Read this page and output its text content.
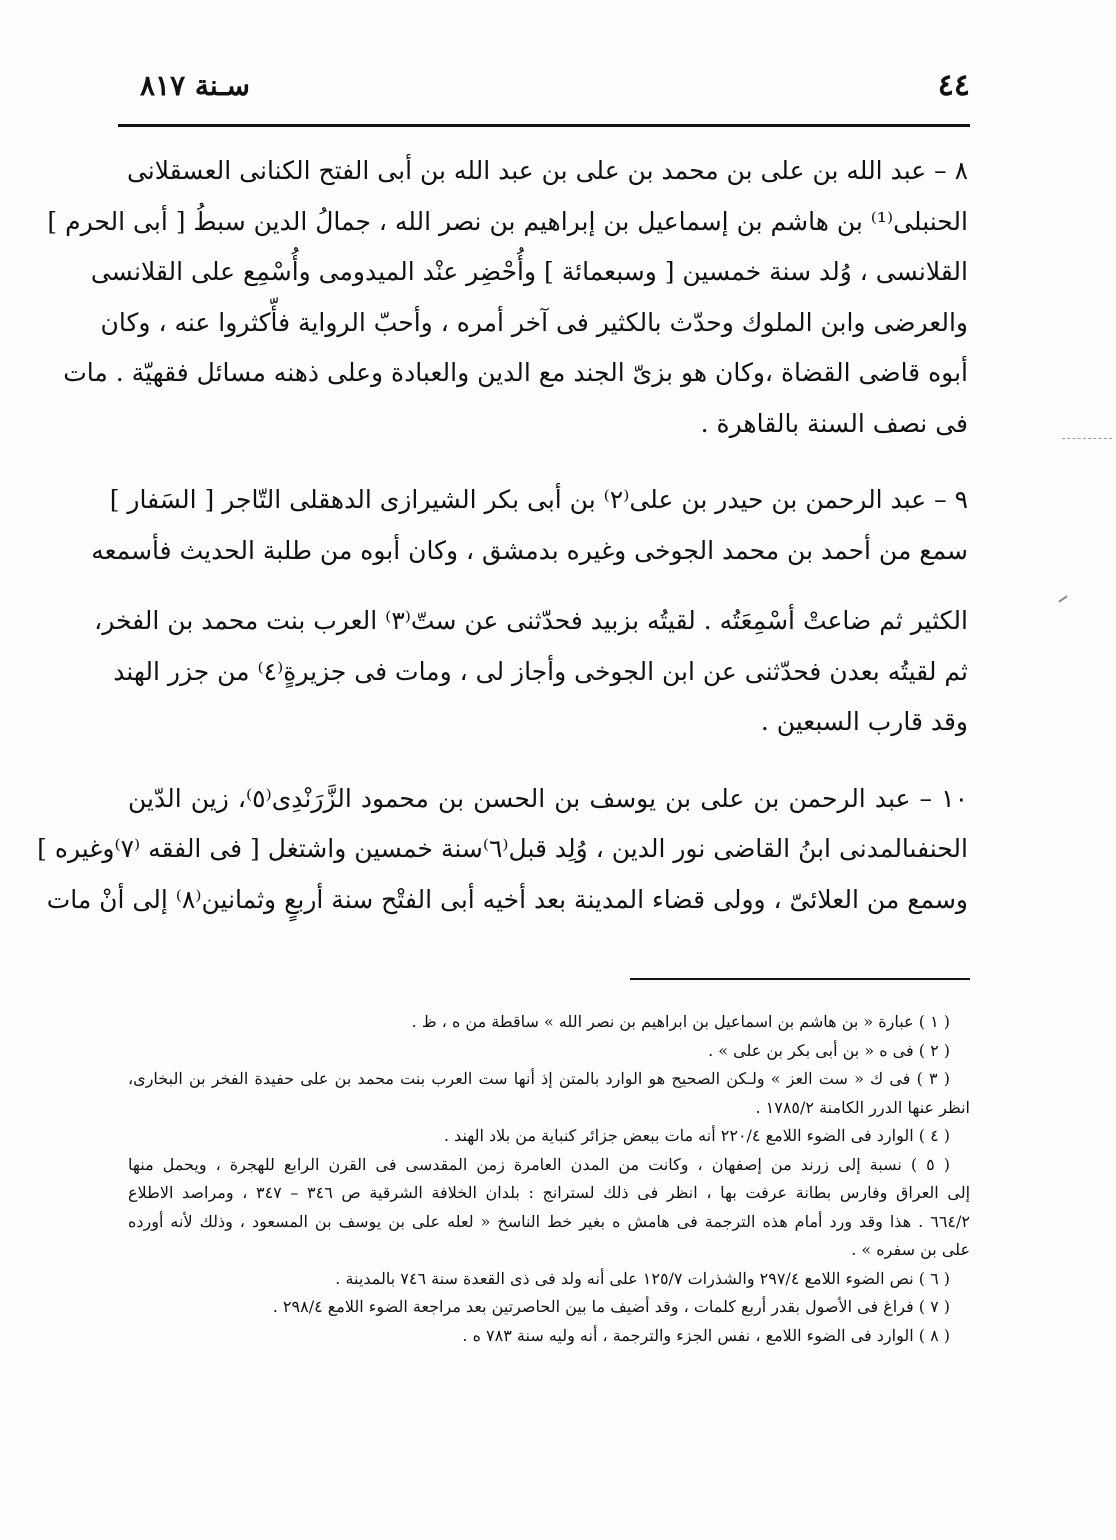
٤٤
سـنة ٨١٧
٨ – عبد الله بن على بن محمد بن على بن عبد الله بن أبى الفتح الكنانى العسقلانى
الحنبلى⁽¹⁾ بن هاشم بن إسماعيل بن إبراهيم بن نصر الله ، جمالُ الدين سبطُ [ أبى الحرم ]
القلانسى ، وُلد سنة خمسين [ وسبعمائة ] وأُحْضِر عنْد الميدومى وأُسْمِع على القلانسى
والعرضى وابن الملوك وحدّث بالكثير فى آخر أمره ، وأحبّ الرواية فأّكثروا عنه ، وكان
أبوه قاضى القضاة ،وكان هو بزىّ الجند مع الدين والعبادة وعلى ذهنه مسائل فقهيّة . مات
فى نصف السنة بالقاهرة .
٩ – عبد الرحمن بن حيدر بن على⁽٢⁾ بن أبى بكر الشيرازى الدهقلى التّاجر [ السَفار ]
سمع من أحمد بن محمد الجوخى وغيره بدمشق ، وكان أبوه من طلبة الحديث فأسمعه
الكثير ثم ضاعتْ أسْمِعَتُه . لقيتُه بزبيد فحدّثنى عن ستّ⁽٣⁾ العرب بنت محمد بن الفخر،
ثم لقيتُه بعدن فحدّثنى عن ابن الجوخى وأجاز لى ، ومات فى جزيرةٍ⁽٤⁾ من جزر الهند
وقد قارب السبعين .
١٠ – عبد الرحمن بن على بن يوسف بن الحسن بن محمود الزَّرَنْدِى⁽٥⁾، زين الدّين
الحنفىالمدنى ابنُ القاضى نور الدين ، وُلِد قبل⁽٦⁾سنة خمسين واشتغل [ فى الفقه ⁽٧⁾وغيره ]
وسمع من العلائىّ ، وولى قضاء المدينة بعد أخيه أبى الفتْح سنة أربعٍ وثمانين⁽٨⁾ إلى أنْ مات
( ١ ) عبارة « بن هاشم بن اسماعيل بن ابراهيم بن نصر الله » ساقطة من ه ، ظ .
( ٢ ) فى ه « بن أبى بكر بن على » .
( ٣ ) فى ك « ست العز » ولـكن الصحيح هو الوارد بالمتن إذ أنها ست العرب بنت محمد بن على حفيدة الفخر بن البخارى،
انظر عنها الدرر الكامنة ١٧٨٥/٢ .
( ٤ ) الوارد فى الضوء اللامع ٢٢٠/٤ أنه مات ببعض جزائر كنباية من بلاد الهند .
( ٥ ) نسبة إلى زرند من إصفهان ، وكانت من المدن العامرة زمن المقدسى فى القرن الرابع للهجرة ، ويحمل منها
إلى العراق وفارس بطانة عرفت بها ، انظر فى ذلك لسترانج : بلدان الخلافة الشرقية ص ٣٤٦ – ٣٤٧ ، ومراصد الاطلاع
٦٦٤/٢ . هذا وقد ورد أمام هذه الترجمة فى هامش ه بغير خط الناسخ « لعله على بن يوسف بن المسعود ، وذلك لأنه أورده
على بن سفره » .
( ٦ ) نص الضوء اللامع ٢٩٧/٤ والشذرات ١٢٥/٧ على أنه ولد فى ذى القعدة سنة ٧٤٦ بالمدينة .
( ٧ ) فراغ فى الأصول بقدر أربع كلمات ، وقد أضيف ما بين الحاصرتين بعد مراجعة الضوء اللامع ٢٩٨/٤ .
( ٨ ) الوارد فى الضوء اللامع ، نفس الجزء والترجمة ، أنه وليه سنة ٧٨٣ ه .
